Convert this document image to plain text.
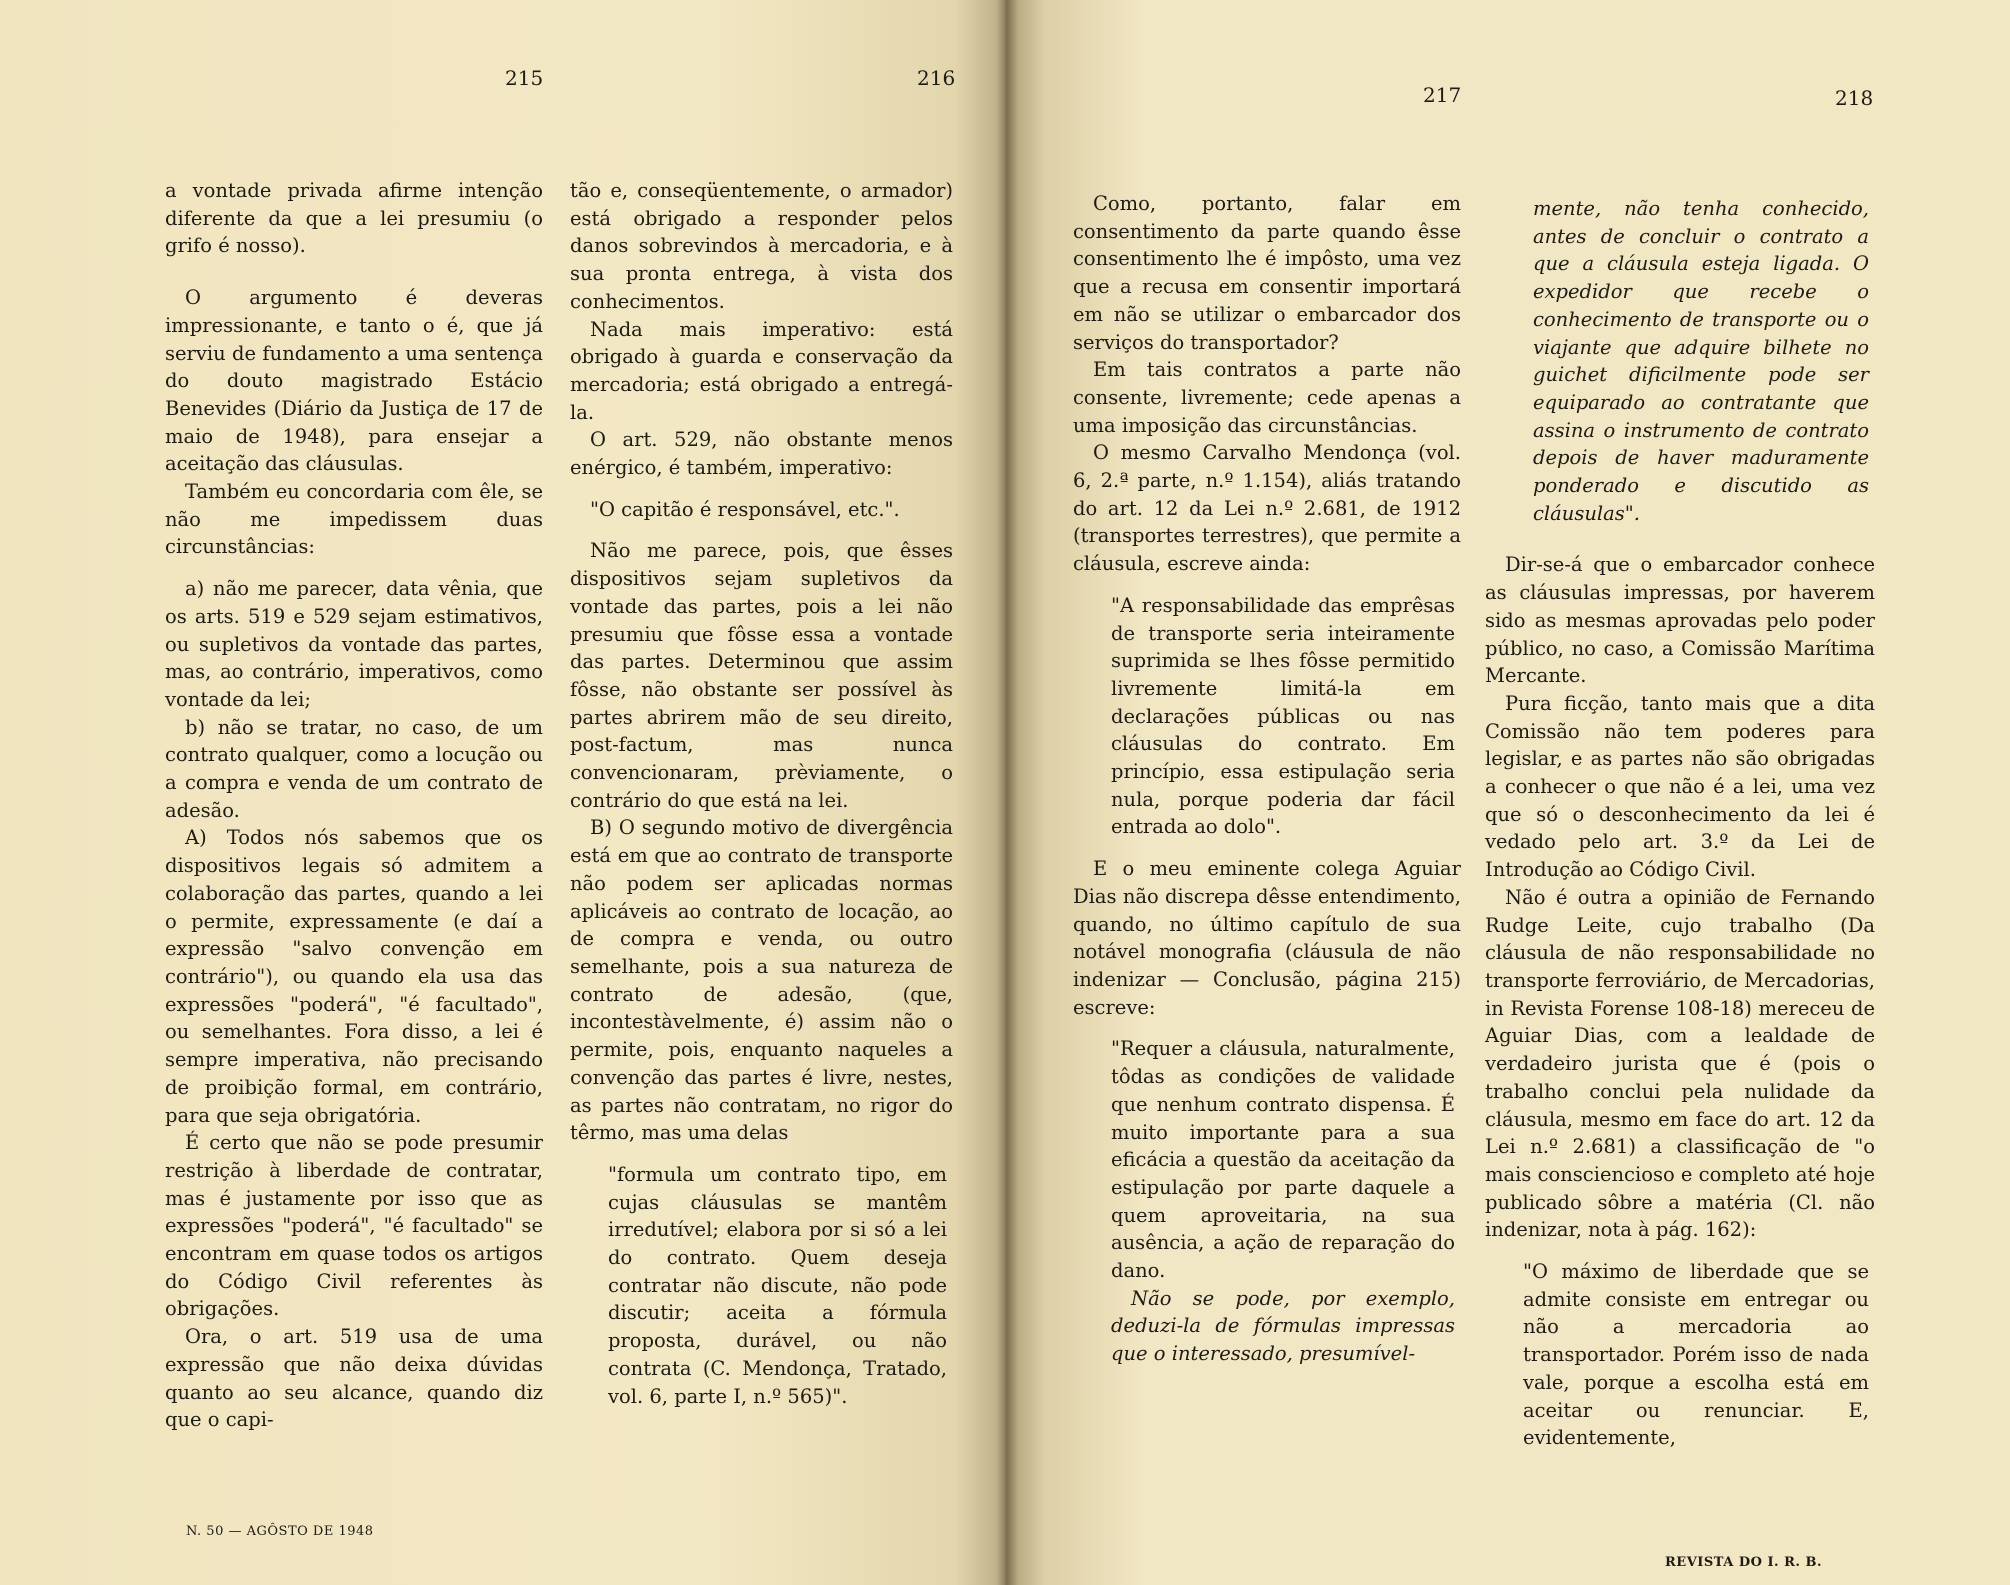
215	216

a vontade privada afirme intenção diferente da que a lei presumiu (o grifo é nosso).

O argumento é deveras impressionante, e tanto o é, que já serviu de fundamento a uma sentença do douto magistrado Estácio Benevides (Diário da Justiça de 17 de maio de 1948), para ensejar a aceitação das cláusulas.

Também eu concordaria com êle, se não me impedissem duas circunstâncias:

a) não me parecer, data vênia, que os arts. 519 e 529 sejam estimativos, ou supletivos da vontade das partes, mas, ao contrário, imperativos, como vontade da lei;

b) não se tratar, no caso, de um contrato qualquer, como a locução ou a compra e venda de um contrato de adesão.

A) Todos nós sabemos que os dispositivos legais só admitem a colaboração das partes, quando a lei o permite, expressamente (e daí a expressão "salvo convenção em contrário"), ou quando ela usa das expressões "poderá", "é facultado", ou semelhantes. Fora disso, a lei é sempre imperativa, não precisando de proibição formal, em contrário, para que seja obrigatória.

É certo que não se pode presumir restrição à liberdade de contratar, mas é justamente por isso que as expressões "poderá", "é facultado" se encontram em quase todos os artigos do Código Civil referentes às obrigações.

Ora, o art. 519 usa de uma expressão que não deixa dúvidas quanto ao seu alcance, quando diz que o capi-

tão e, conseqüentemente, o armador) está obrigado a responder pelos danos sobrevindos à mercadoria, e à sua pronta entrega, à vista dos conhecimentos.

Nada mais imperativo: está obrigado à guarda e conservação da mercadoria; está obrigado a entregá-la.

O art. 529, não obstante menos enérgico, é também, imperativo:

"O capitão é responsável, etc.".

Não me parece, pois, que êsses dispositivos sejam supletivos da vontade das partes, pois a lei não presumiu que fôsse essa a vontade das partes. Determinou que assim fôsse, não obstante ser possível às partes abrirem mão de seu direito, post-factum, mas nunca convencionaram, prèviamente, o contrário do que está na lei.

B) O segundo motivo de divergência está em que ao contrato de transporte não podem ser aplicadas normas aplicáveis ao contrato de locação, ao de compra e venda, ou outro semelhante, pois a sua natureza de contrato de adesão, (que, incontestàvelmente, é) assim não o permite, pois, enquanto naqueles a convenção das partes é livre, nestes, as partes não contratam, no rigor do têrmo, mas uma delas

"formula um contrato tipo, em cujas cláusulas se mantêm irredutível; elabora por si só a lei do contrato. Quem deseja contratar não discute, não pode discutir; aceita a fórmula proposta, durável, ou não contrata (C. Mendonça, Tratado, vol. 6, parte I, n.º 565)".

N. 50 — AGÔSTO DE 1948
217	218

Como, portanto, falar em consentimento da parte quando êsse consentimento lhe é impôsto, uma vez que a recusa em consentir importará em não se utilizar o embarcador dos serviços do transportador?

Em tais contratos a parte não consente, livremente; cede apenas a uma imposição das circunstâncias.

O mesmo Carvalho Mendonça (vol. 6, 2.ª parte, n.º 1.154), aliás tratando do art. 12 da Lei n.º 2.681, de 1912 (transportes terrestres), que permite a cláusula, escreve ainda:

"A responsabilidade das emprêsas de transporte seria inteiramente suprimida se lhes fôsse permitido livremente limitá-la em declarações públicas ou nas cláusulas do contrato. Em princípio, essa estipulação seria nula, porque poderia dar fácil entrada ao dolo".

E o meu eminente colega Aguiar Dias não discrepa dêsse entendimento, quando, no último capítulo de sua notável monografia (cláusula de não indenizar — Conclusão, página 215) escreve:

"Requer a cláusula, naturalmente, tôdas as condições de validade que nenhum contrato dispensa. É muito importante para a sua eficácia a questão da aceitação da estipulação por parte daquele a quem aproveitaria, na sua ausência, a ação de reparação do dano.

Não se pode, por exemplo, deduzi-la de fórmulas impressas que o interessado, presumível-

mente, não tenha conhecido, antes de concluir o contrato a que a cláusula esteja ligada. O expedidor que recebe o conhecimento de transporte ou o viajante que adquire bilhete no guichet dificilmente pode ser equiparado ao contratante que assina o instrumento de contrato depois de haver maduramente ponderado e discutido as cláusulas".

Dir-se-á que o embarcador conhece as cláusulas impressas, por haverem sido as mesmas aprovadas pelo poder público, no caso, a Comissão Marítima Mercante.

Pura ficção, tanto mais que a dita Comissão não tem poderes para legislar, e as partes não são obrigadas a conhecer o que não é a lei, uma vez que só o desconhecimento da lei é vedado pelo art. 3.º da Lei de Introdução ao Código Civil.

Não é outra a opinião de Fernando Rudge Leite, cujo trabalho (Da cláusula de não responsabilidade no transporte ferroviário, de Mercadorias, in Revista Forense 108-18) mereceu de Aguiar Dias, com a lealdade de verdadeiro jurista que é (pois o trabalho conclui pela nulidade da cláusula, mesmo em face do art. 12 da Lei n.º 2.681) a classificação de "o mais consciencioso e completo até hoje publicado sôbre a matéria (Cl. não indenizar, nota à pág. 162):

"O máximo de liberdade que se admite consiste em entregar ou não a mercadoria ao transportador. Porém isso de nada vale, porque a escolha está em aceitar ou renunciar. E, evidentemente,

REVISTA DO I. R. B.
